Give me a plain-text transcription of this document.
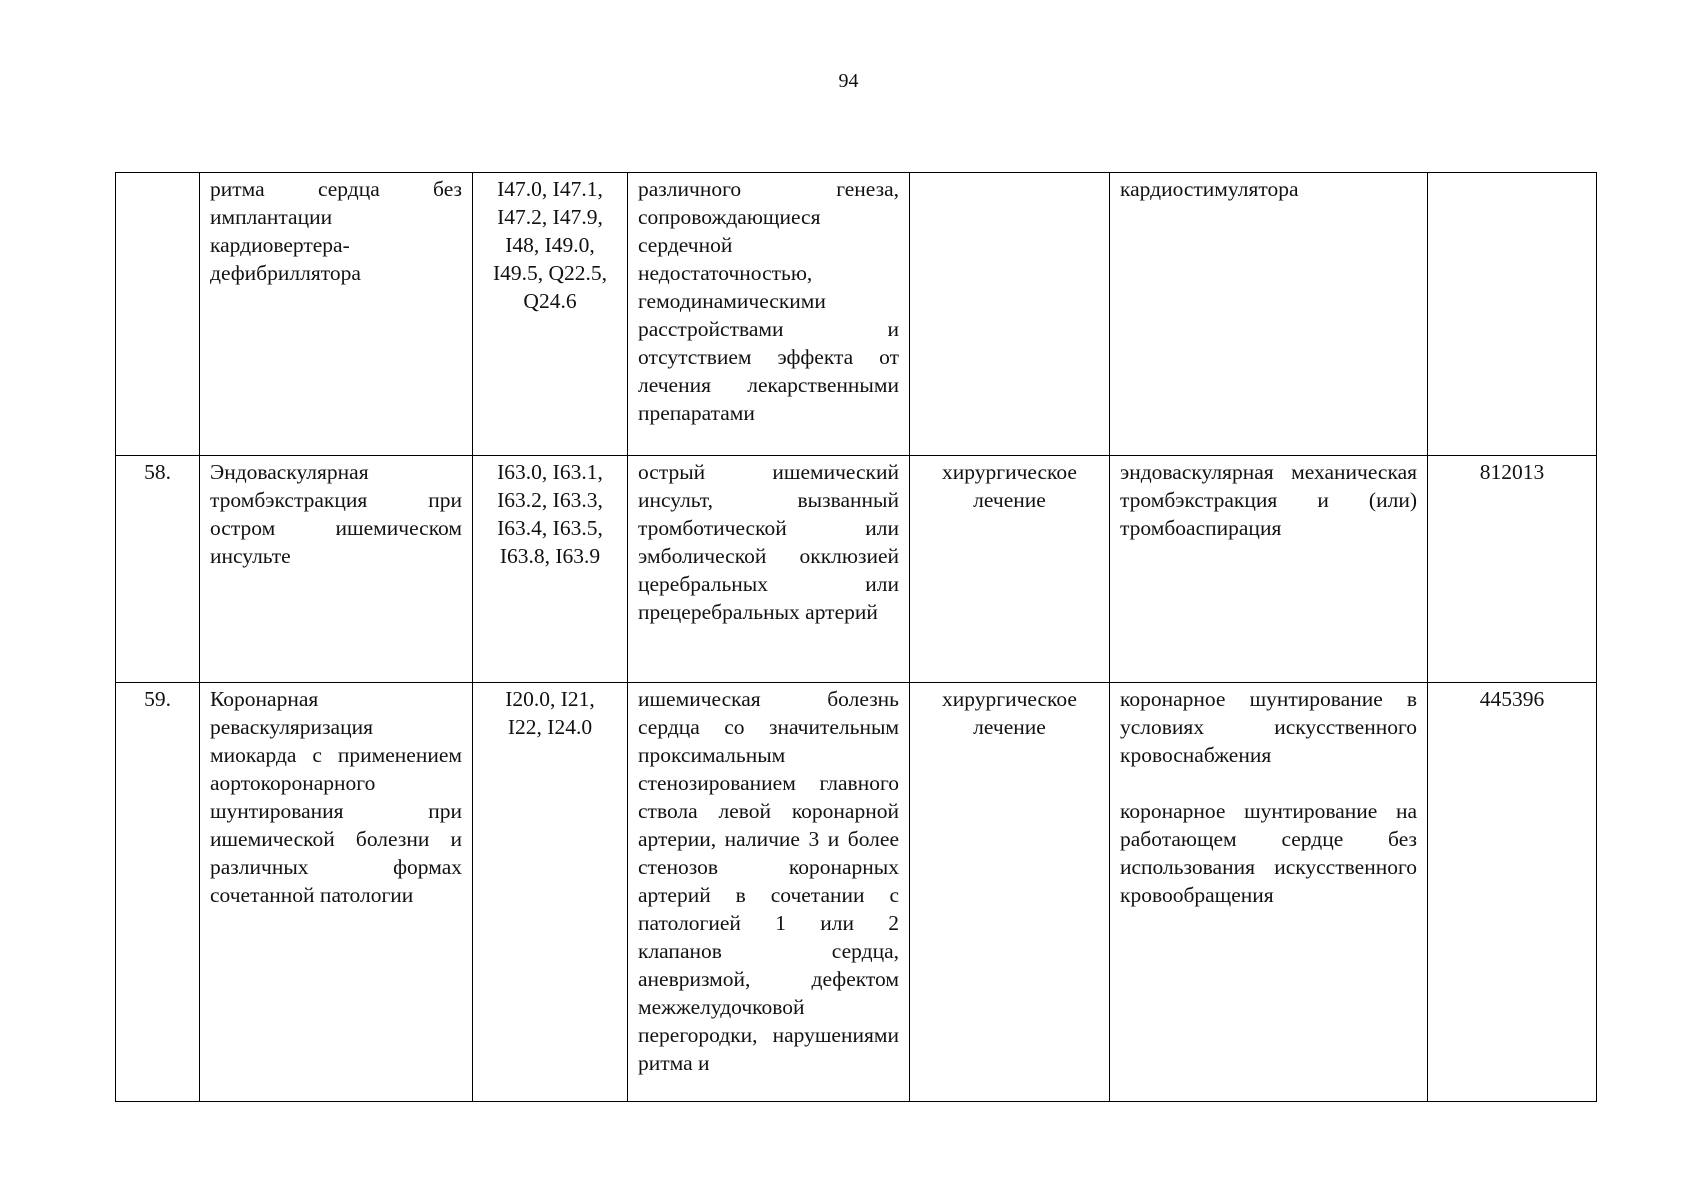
94
	ритма сердца без имплантации кардиовертера-дефибриллятора	I47.0, I47.1,
I47.2, I47.9,
I48, I49.0,
I49.5, Q22.5,
Q24.6	различного генеза, сопровождающиеся сердечной недостаточностью, гемодинамическими расстройствами и отсутствием эффекта от лечения лекарственными препаратами		кардиостимулятора	

58.	Эндоваскулярная тромбэкстракция при остром ишемическом инсульте	I63.0, I63.1,
I63.2, I63.3,
I63.4, I63.5,
I63.8, I63.9	острый ишемический инсульт, вызванный тромботической или эмболической окклюзией церебральных или прецеребральных артерий	хирургическое лечение	эндоваскулярная механическая тромбэкстракция и (или) тромбоаспирация	812013
59.	Коронарная реваскуляризация миокарда с применением аортокоронарного шунтирования при ишемической болезни и различных формах сочетанной патологии	I20.0, I21,
I22, I24.0	ишемическая болезнь сердца со значительным проксимальным стенозированием главного ствола левой коронарной артерии, наличие 3 и более стенозов коронарных артерий в сочетании с патологией 1 или 2 клапанов сердца, аневризмой, дефектом межжелудочковой перегородки, нарушениями ритма и	хирургическое лечение	коронарное шунтирование в условиях искусственного кровоснабжения
коронарное шунтирование на работающем сердце без использования искусственного кровообращения	445396
